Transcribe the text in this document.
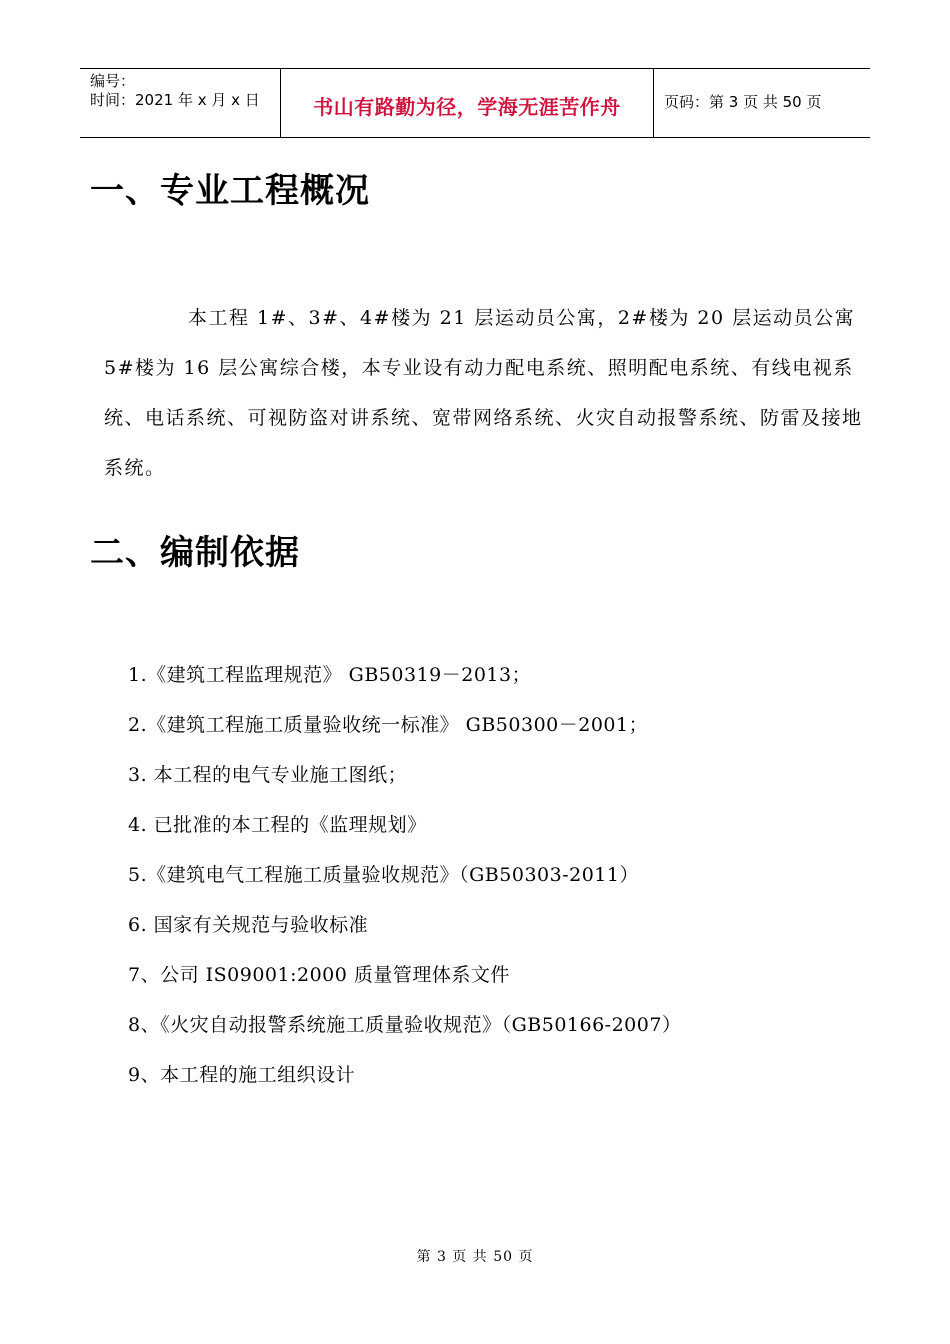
编号：
时间：2021 年 x 月 x 日	书山有路勤为径，学海无涯苦作舟	页码：第 3 页 共 50 页
一、专业工程概况
本工程 1#、3#、4#楼为 21 层运动员公寓，2#楼为 20 层运动员公寓 5#楼为 16 层公寓综合楼，本专业设有动力配电系统、照明配电系统、有线电视系统、电话系统、可视防盗对讲系统、宽带网络系统、火灾自动报警系统、防雷及接地系统。
二、编制依据
1.《建筑工程监理规范》 GB50319－2013；
2.《建筑工程施工质量验收统一标准》 GB50300－2001；
3. 本工程的电气专业施工图纸；
4. 已批准的本工程的《监理规划》
5.《建筑电气工程施工质量验收规范》（GB50303-2011）
6. 国家有关规范与验收标准
7、公司 IS09001:2000 质量管理体系文件
8、《火灾自动报警系统施工质量验收规范》（GB50166-2007）
9、本工程的施工组织设计
第 3 页 共 50 页
